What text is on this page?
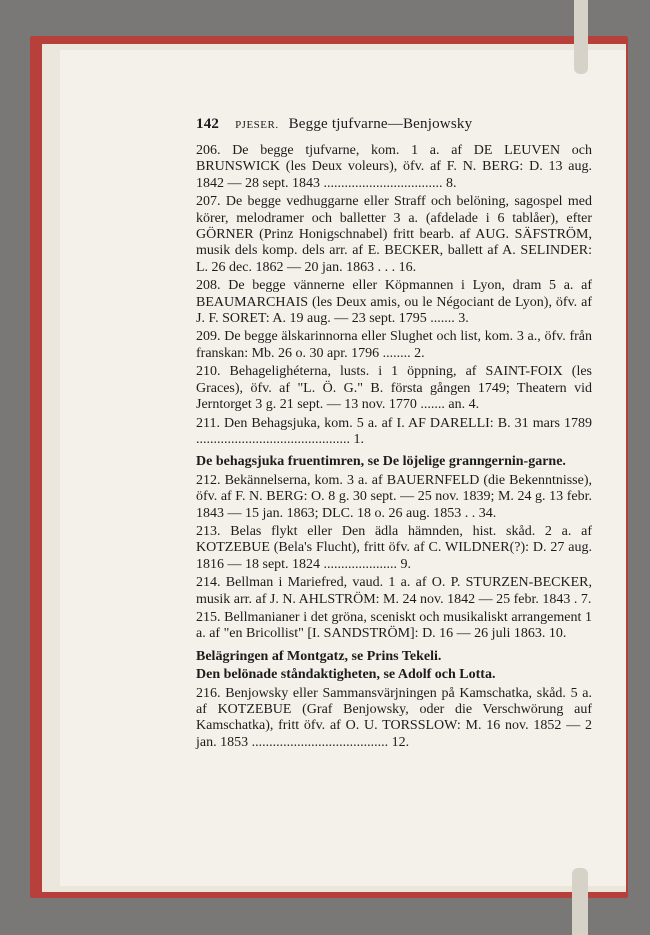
142 PJESER. Begge tjufvarne—Benjowsky
206. De begge tjufvarne, kom. 1 a. af DE LEUVEN och BRUNSWICK (les Deux voleurs), öfv. af F. N. BERG: D. 13 aug. 1842 — 28 sept. 1843 .................................. 8.
207. De begge vedhuggarne eller Straff och belöning, sagospel med körer, melodramer och balletter 3 a. (afdelade i 6 tablåer), efter GÖRNER (Prinz Honigschnabel) fritt bearb. af AUG. SÄFSTRÖM, musik dels komp. dels arr. af E. BECKER, ballett af A. SELINDER: L. 26 dec. 1862 — 20 jan. 1863 . . . 16.
208. De begge vännerne eller Köpmannen i Lyon, dram 5 a. af BEAUMARCHAIS (les Deux amis, ou le Négociant de Lyon), öfv. af J. F. SORET: A. 19 aug. — 23 sept. 1795 ....... 3.
209. De begge älskarinnorna eller Slughet och list, kom. 3 a., öfv. från franskan: Mb. 26 o. 30 apr. 1796 ........ 2.
210. Behagelighéterna, lusts. i 1 öppning, af SAINT-FOIX (les Graces), öfv. af "L. Ö. G." B. första gången 1749; Theatern vid Jerntorget 3 g. 21 sept. — 13 nov. 1770 ....... an. 4.
211. Den Behagsjuka, kom. 5 a. af I. AF DARELLI: B. 31 mars 1789 ............................................ 1.
De behagsjuka fruentimren, se De löjelige granngernin-garne.
212. Bekännelserna, kom. 3 a. af BAUERNFELD (die Bekenntnisse), öfv. af F. N. BERG: O. 8 g. 30 sept. — 25 nov. 1839; M. 24 g. 13 febr. 1843 — 15 jan. 1863; DLC. 18 o. 26 aug. 1853 . . 34.
213. Belas flykt eller Den ädla hämnden, hist. skåd. 2 a. af KOTZEBUE (Bela's Flucht), fritt öfv. af C. WILDNER(?): D. 27 aug. 1816 — 18 sept. 1824 ..................... 9.
214. Bellman i Mariefred, vaud. 1 a. af O. P. STURZEN-BECKER, musik arr. af J. N. AHLSTRÖM: M. 24 nov. 1842 — 25 febr. 1843 . 7.
215. Bellmanianer i det gröna, sceniskt och musikaliskt arrangement 1 a. af "en Bricollist" [I. SANDSTRÖM]: D. 16 — 26 juli 1863. 10.
Belägringen af Montgatz, se Prins Tekeli.
Den belönade ståndaktigheten, se Adolf och Lotta.
216. Benjowsky eller Sammansvärjningen på Kamschatka, skåd. 5 a. af KOTZEBUE (Graf Benjowsky, oder die Verschwörung auf Kamschatka), fritt öfv. af O. U. TORSSLOW: M. 16 nov. 1852 — 2 jan. 1853 ....................................... 12.
